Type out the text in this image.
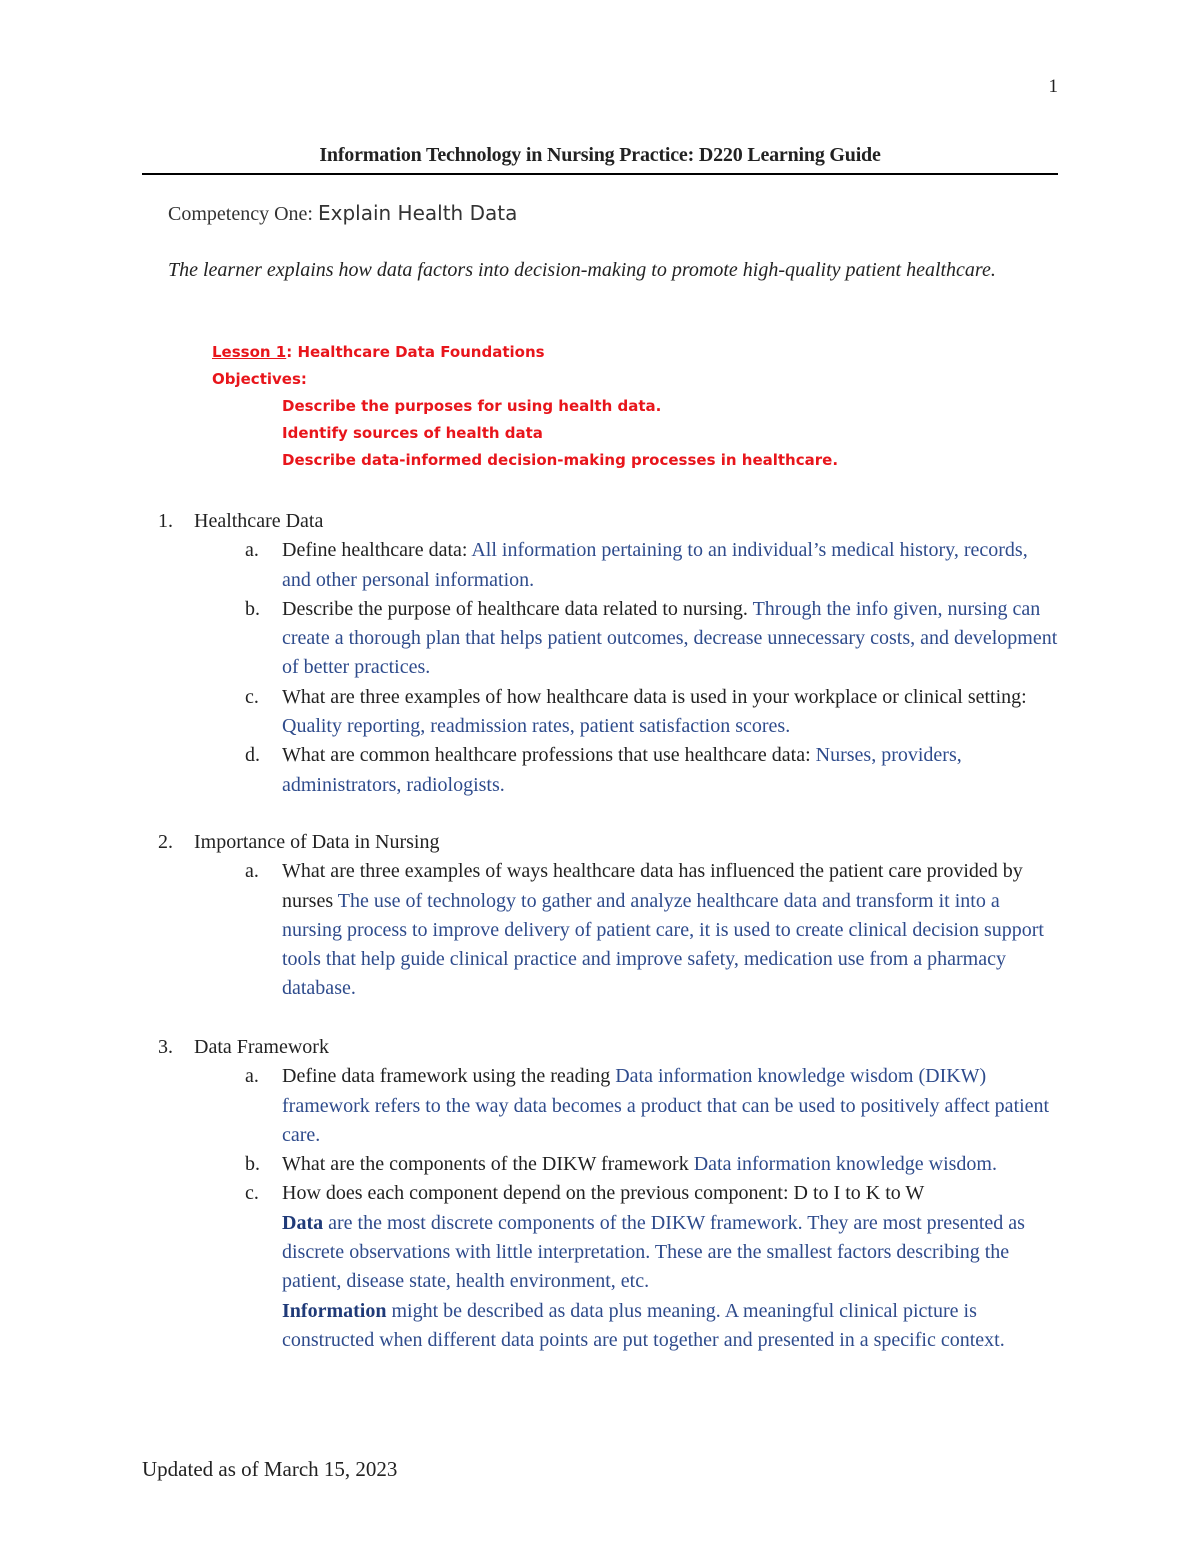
1
Information Technology in Nursing Practice: D220 Learning Guide
Competency One: Explain Health Data
The learner explains how data factors into decision-making to promote high-quality patient healthcare.
Lesson 1: Healthcare Data Foundations
Objectives:
Describe the purposes for using health data.
Identify sources of health data
Describe data-informed decision-making processes in healthcare.
1.	Healthcare Data
a.	Define healthcare data: All information pertaining to an individual’s medical history, records, and other personal information.
b.	Describe the purpose of healthcare data related to nursing. Through the info given, nursing can create a thorough plan that helps patient outcomes, decrease unnecessary costs, and development of better practices.
c.	What are three examples of how healthcare data is used in your workplace or clinical setting: Quality reporting, readmission rates, patient satisfaction scores.
d.	What are common healthcare professions that use healthcare data: Nurses, providers, administrators, radiologists.
2.	Importance of Data in Nursing
a.	What are three examples of ways healthcare data has influenced the patient care provided by nurses The use of technology to gather and analyze healthcare data and transform it into a nursing process to improve delivery of patient care, it is used to create clinical decision support tools that help guide clinical practice and improve safety, medication use from a pharmacy database.
3.	Data Framework
a.	Define data framework using the reading Data information knowledge wisdom (DIKW) framework refers to the way data becomes a product that can be used to positively affect patient care.
b.	What are the components of the DIKW framework Data information knowledge wisdom.
c.	How does each component depend on the previous component: D to I to K to W
Data are the most discrete components of the DIKW framework. They are most presented as discrete observations with little interpretation. These are the smallest factors describing the patient, disease state, health environment, etc.
Information might be described as data plus meaning. A meaningful clinical picture is constructed when different data points are put together and presented in a specific context.
Updated as of March 15, 2023
